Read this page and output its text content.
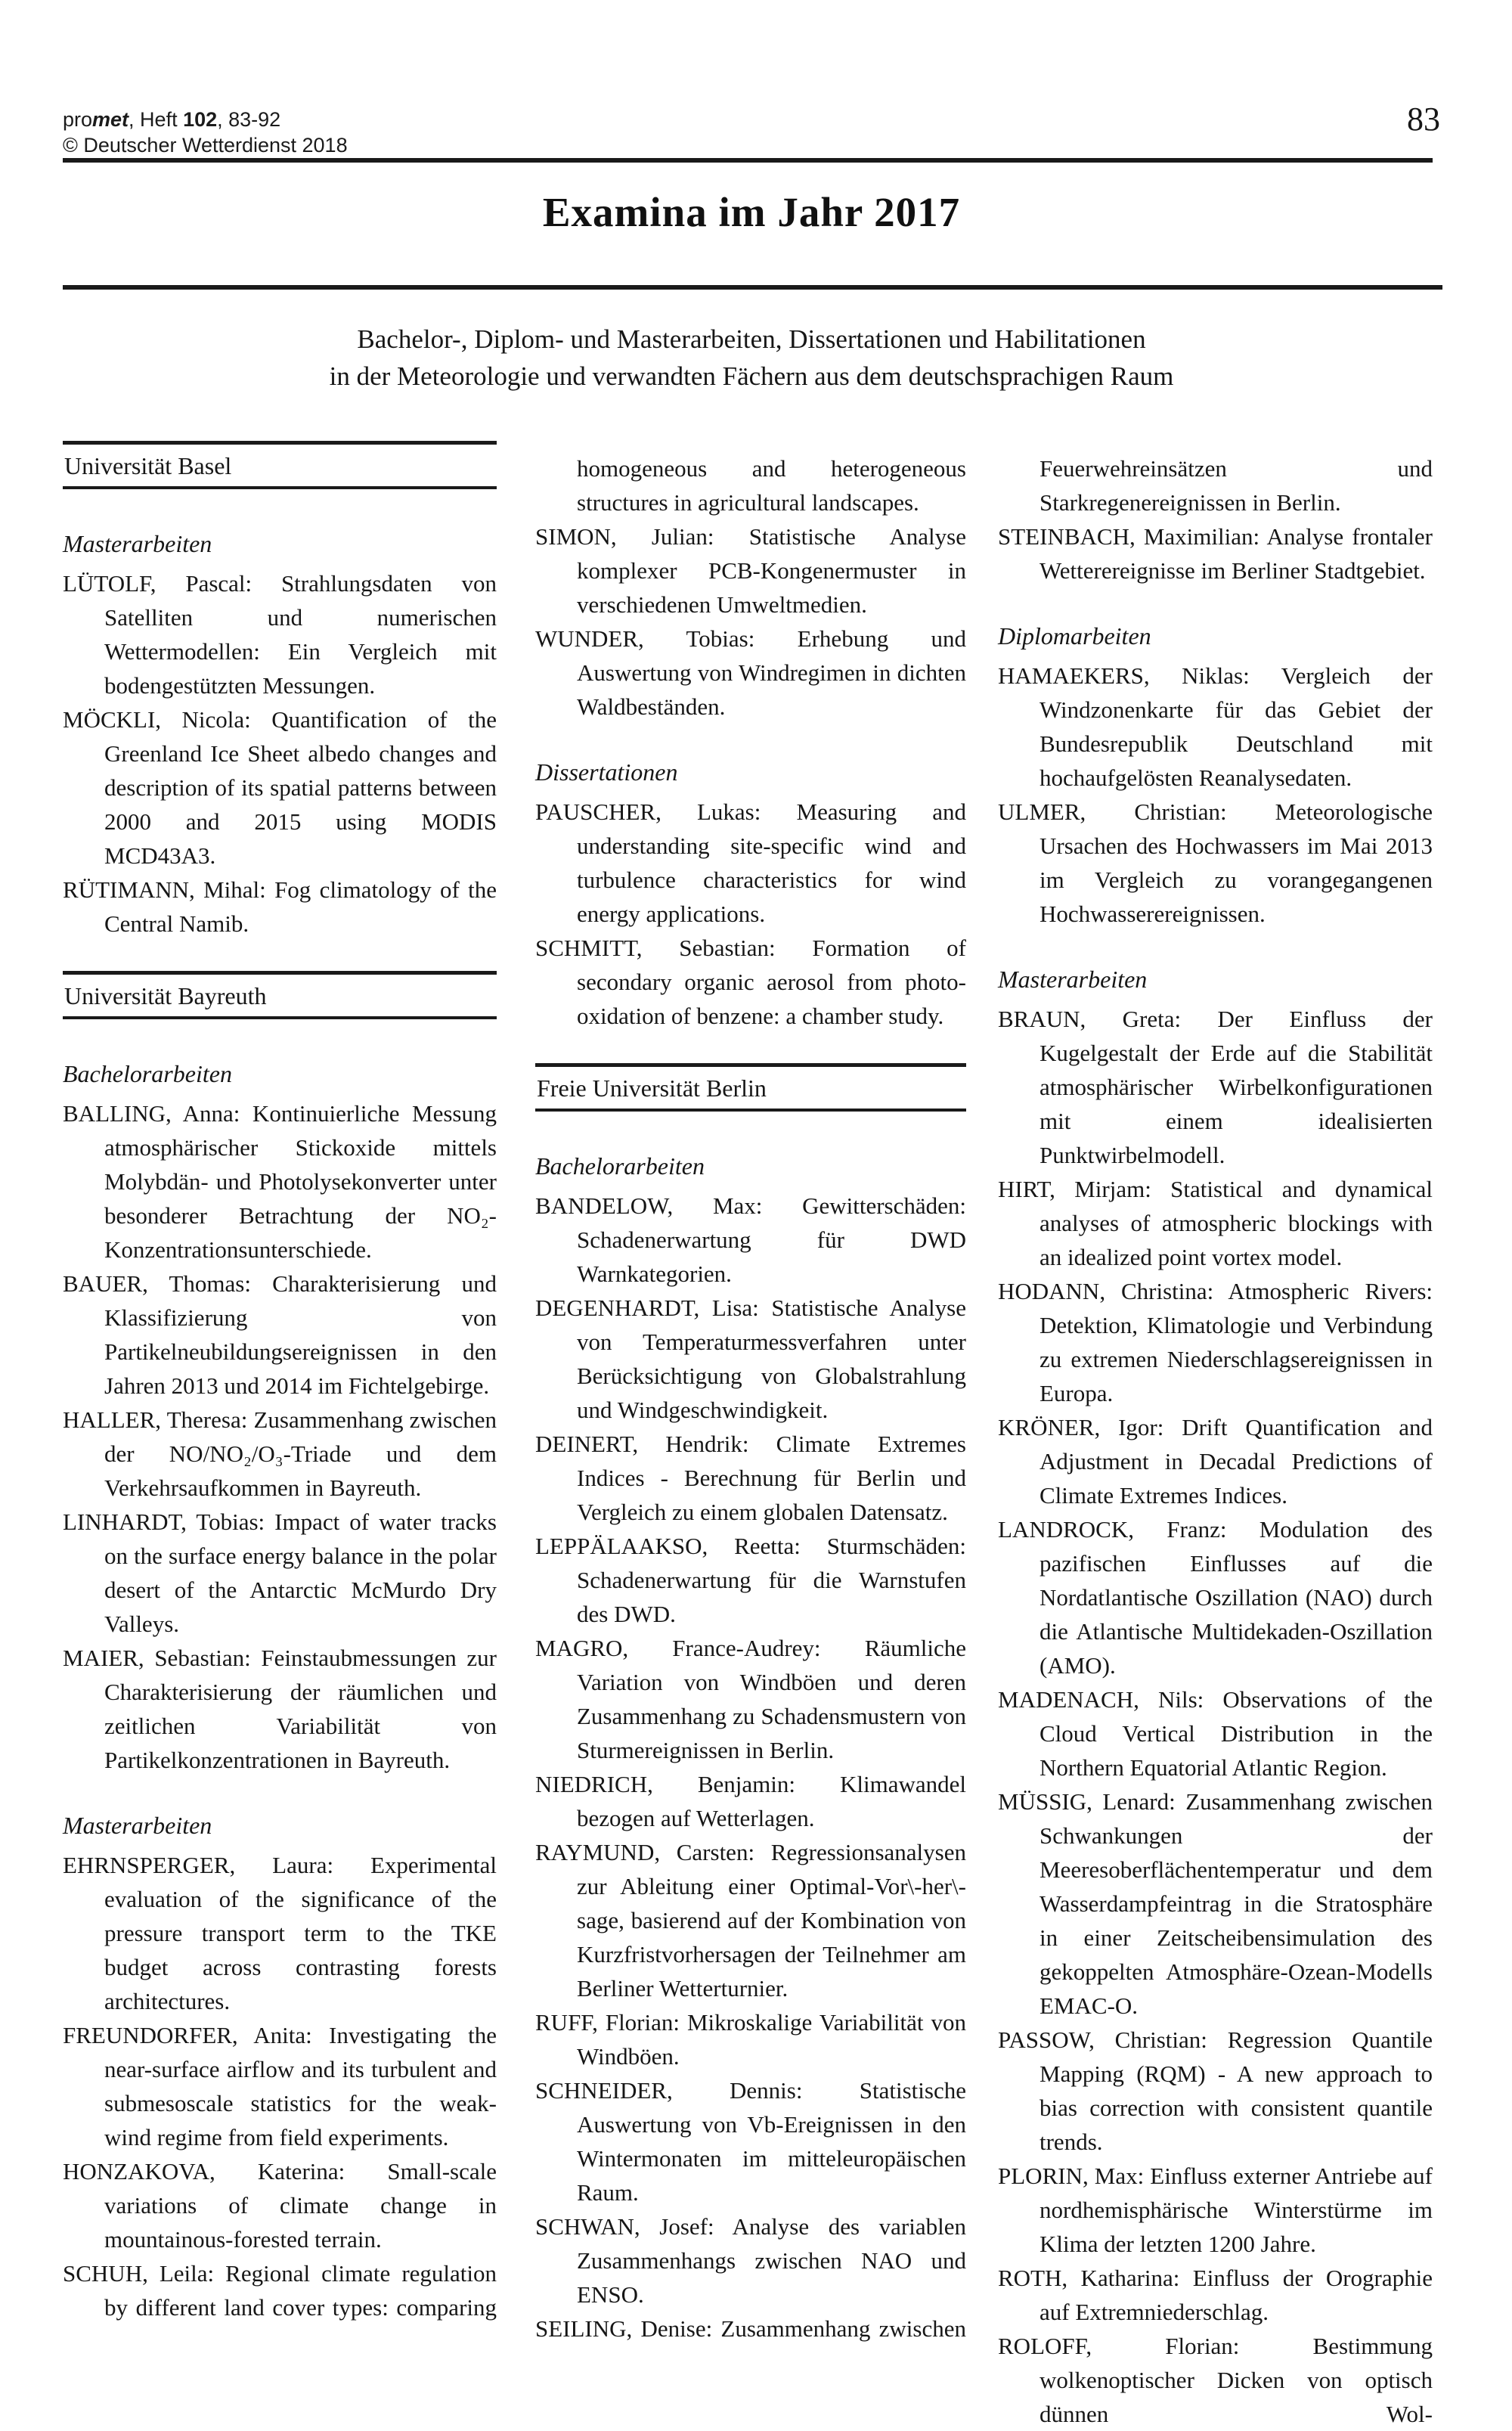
promet, Heft 102, 83-92
© Deutscher Wetterdienst 2018
83
Examina im Jahr 2017
Bachelor-, Diplom- und Masterarbeiten, Dissertationen und Habilitationen
in der Meteorologie und verwandten Fächern aus dem deutschsprachigen Raum
Universität Basel
Masterarbeiten
LÜTOLF, Pascal: Strahlungsdaten von Satelliten und numerischen Wettermodellen: Ein Vergleich mit bodengestützten Messungen.
MÖCKLI, Nicola: Quantification of the Greenland Ice Sheet albedo changes and description of its spatial patterns between 2000 and 2015 using MODIS MCD43A3.
RÜTIMANN, Mihal: Fog climatology of the Central Namib.
Universität Bayreuth
Bachelorarbeiten
BALLING, Anna: Kontinuierliche Messung atmosphärischer Stickoxide mittels Molybdän- und Photolysekonverter unter besonderer Betrachtung der NO₂-Konzentrationsunterschiede.
BAUER, Thomas: Charakterisierung und Klassifizierung von Partikelneubildungsereignissen in den Jahren 2013 und 2014 im Fichtelgebirge.
HALLER, Theresa: Zusammenhang zwischen der NO/NO₂/O₃-Triade und dem Verkehrsaufkommen in Bayreuth.
LINHARDT, Tobias: Impact of water tracks on the surface energy balance in the polar desert of the Antarctic McMurdo Dry Valleys.
MAIER, Sebastian: Feinstaubmessungen zur Charakterisierung der räumlichen und zeitlichen Variabilität von Partikelkonzentrationen in Bayreuth.
Masterarbeiten
EHRNSPERGER, Laura: Experimental evaluation of the significance of the pressure transport term to the TKE budget across contrasting forests architectures.
FREUNDORFER, Anita: Investigating the near-surface airflow and its turbulent and submesoscale statistics for the weak-wind regime from field experiments.
HONZAKOVA, Katerina: Small-scale variations of climate change in mountainous-forested terrain.
SCHUH, Leila: Regional climate regulation by different land cover types: comparing
homogeneous and heterogeneous structures in agricultural landscapes.
SIMON, Julian: Statistische Analyse komplexer PCB-Kongenermuster in verschiedenen Umweltmedien.
WUNDER, Tobias: Erhebung und Auswertung von Windregimen in dichten Waldbeständen.
Dissertationen
PAUSCHER, Lukas: Measuring and understanding site-specific wind and turbulence characteristics for wind energy applications.
SCHMITT, Sebastian: Formation of secondary organic aerosol from photo-oxidation of benzene: a chamber study.
Freie Universität Berlin
Bachelorarbeiten
BANDELOW, Max: Gewitterschäden: Schadenerwartung für DWD Warnkategorien.
DEGENHARDT, Lisa: Statistische Analyse von Temperaturmessverfahren unter Berücksichtigung von Globalstrahlung und Windgeschwindigkeit.
DEINERT, Hendrik: Climate Extremes Indices - Berechnung für Berlin und Vergleich zu einem globalen Datensatz.
LEPPÄLAAKSO, Reetta: Sturmschäden: Schadenerwartung für die Warnstufen des DWD.
MAGRO, France-Audrey: Räumliche Variation von Windböen und deren Zusammenhang zu Schadensmustern von Sturmereignissen in Berlin.
NIEDRICH, Benjamin: Klimawandel bezogen auf Wetterlagen.
RAYMUND, Carsten: Regressionsanalysen zur Ableitung einer Optimal-Vor\-her\-sage, basierend auf der Kombination von Kurzfristvorhersagen der Teilnehmer am Berliner Wetterturnier.
RUFF, Florian: Mikroskalige Variabilität von Windböen.
SCHNEIDER, Dennis: Statistische Auswertung von Vb-Ereignissen in den Wintermonaten im mitteleuropäischen Raum.
SCHWAN, Josef: Analyse des variablen Zusammenhangs zwischen NAO und ENSO.
SEILING, Denise: Zusammenhang zwischen
Feuerwehreinsätzen und Starkregenereignissen in Berlin.
STEINBACH, Maximilian: Analyse frontaler Wetterereignisse im Berliner Stadtgebiet.
Diplomarbeiten
HAMAEKERS, Niklas: Vergleich der Windzonenkarte für das Gebiet der Bundesrepublik Deutschland mit hochaufgelösten Reanalysedaten.
ULMER, Christian: Meteorologische Ursachen des Hochwassers im Mai 2013 im Vergleich zu vorangegangenen Hochwasserereignissen.
Masterarbeiten
BRAUN, Greta: Der Einfluss der Kugelgestalt der Erde auf die Stabilität atmosphärischer Wirbelkonfigurationen mit einem idealisierten Punktwirbelmodell.
HIRT, Mirjam: Statistical and dynamical analyses of atmospheric blockings with an idealized point vortex model.
HODANN, Christina: Atmospheric Rivers: Detektion, Klimatologie und Verbindung zu extremen Niederschlagsereignissen in Europa.
KRÖNER, Igor: Drift Quantification and Adjustment in Decadal Predictions of Climate Extremes Indices.
LANDROCK, Franz: Modulation des pazifischen Einflusses auf die Nordatlantische Oszillation (NAO) durch die Atlantische Multidekaden-Oszillation (AMO).
MADENACH, Nils: Observations of the Cloud Vertical Distribution in the Northern Equatorial Atlantic Region.
MÜSSIG, Lenard: Zusammenhang zwischen Schwankungen der Meeresoberflächentemperatur und dem Wasserdampfeintrag in die Stratosphäre in einer Zeitscheibensimulation des gekoppelten Atmosphäre-Ozean-Modells EMAC-O.
PASSOW, Christian: Regression Quantile Mapping (RQM) - A new approach to bias correction with consistent quantile trends.
PLORIN, Max: Einfluss externer Antriebe auf nordhemisphärische Winterstürme im Klima der letzten 1200 Jahre.
ROTH, Katharina: Einfluss der Orographie auf Extremniederschlag.
ROLOFF, Florian: Bestimmung wolkenoptischer Dicken von optisch dünnen Wol-
